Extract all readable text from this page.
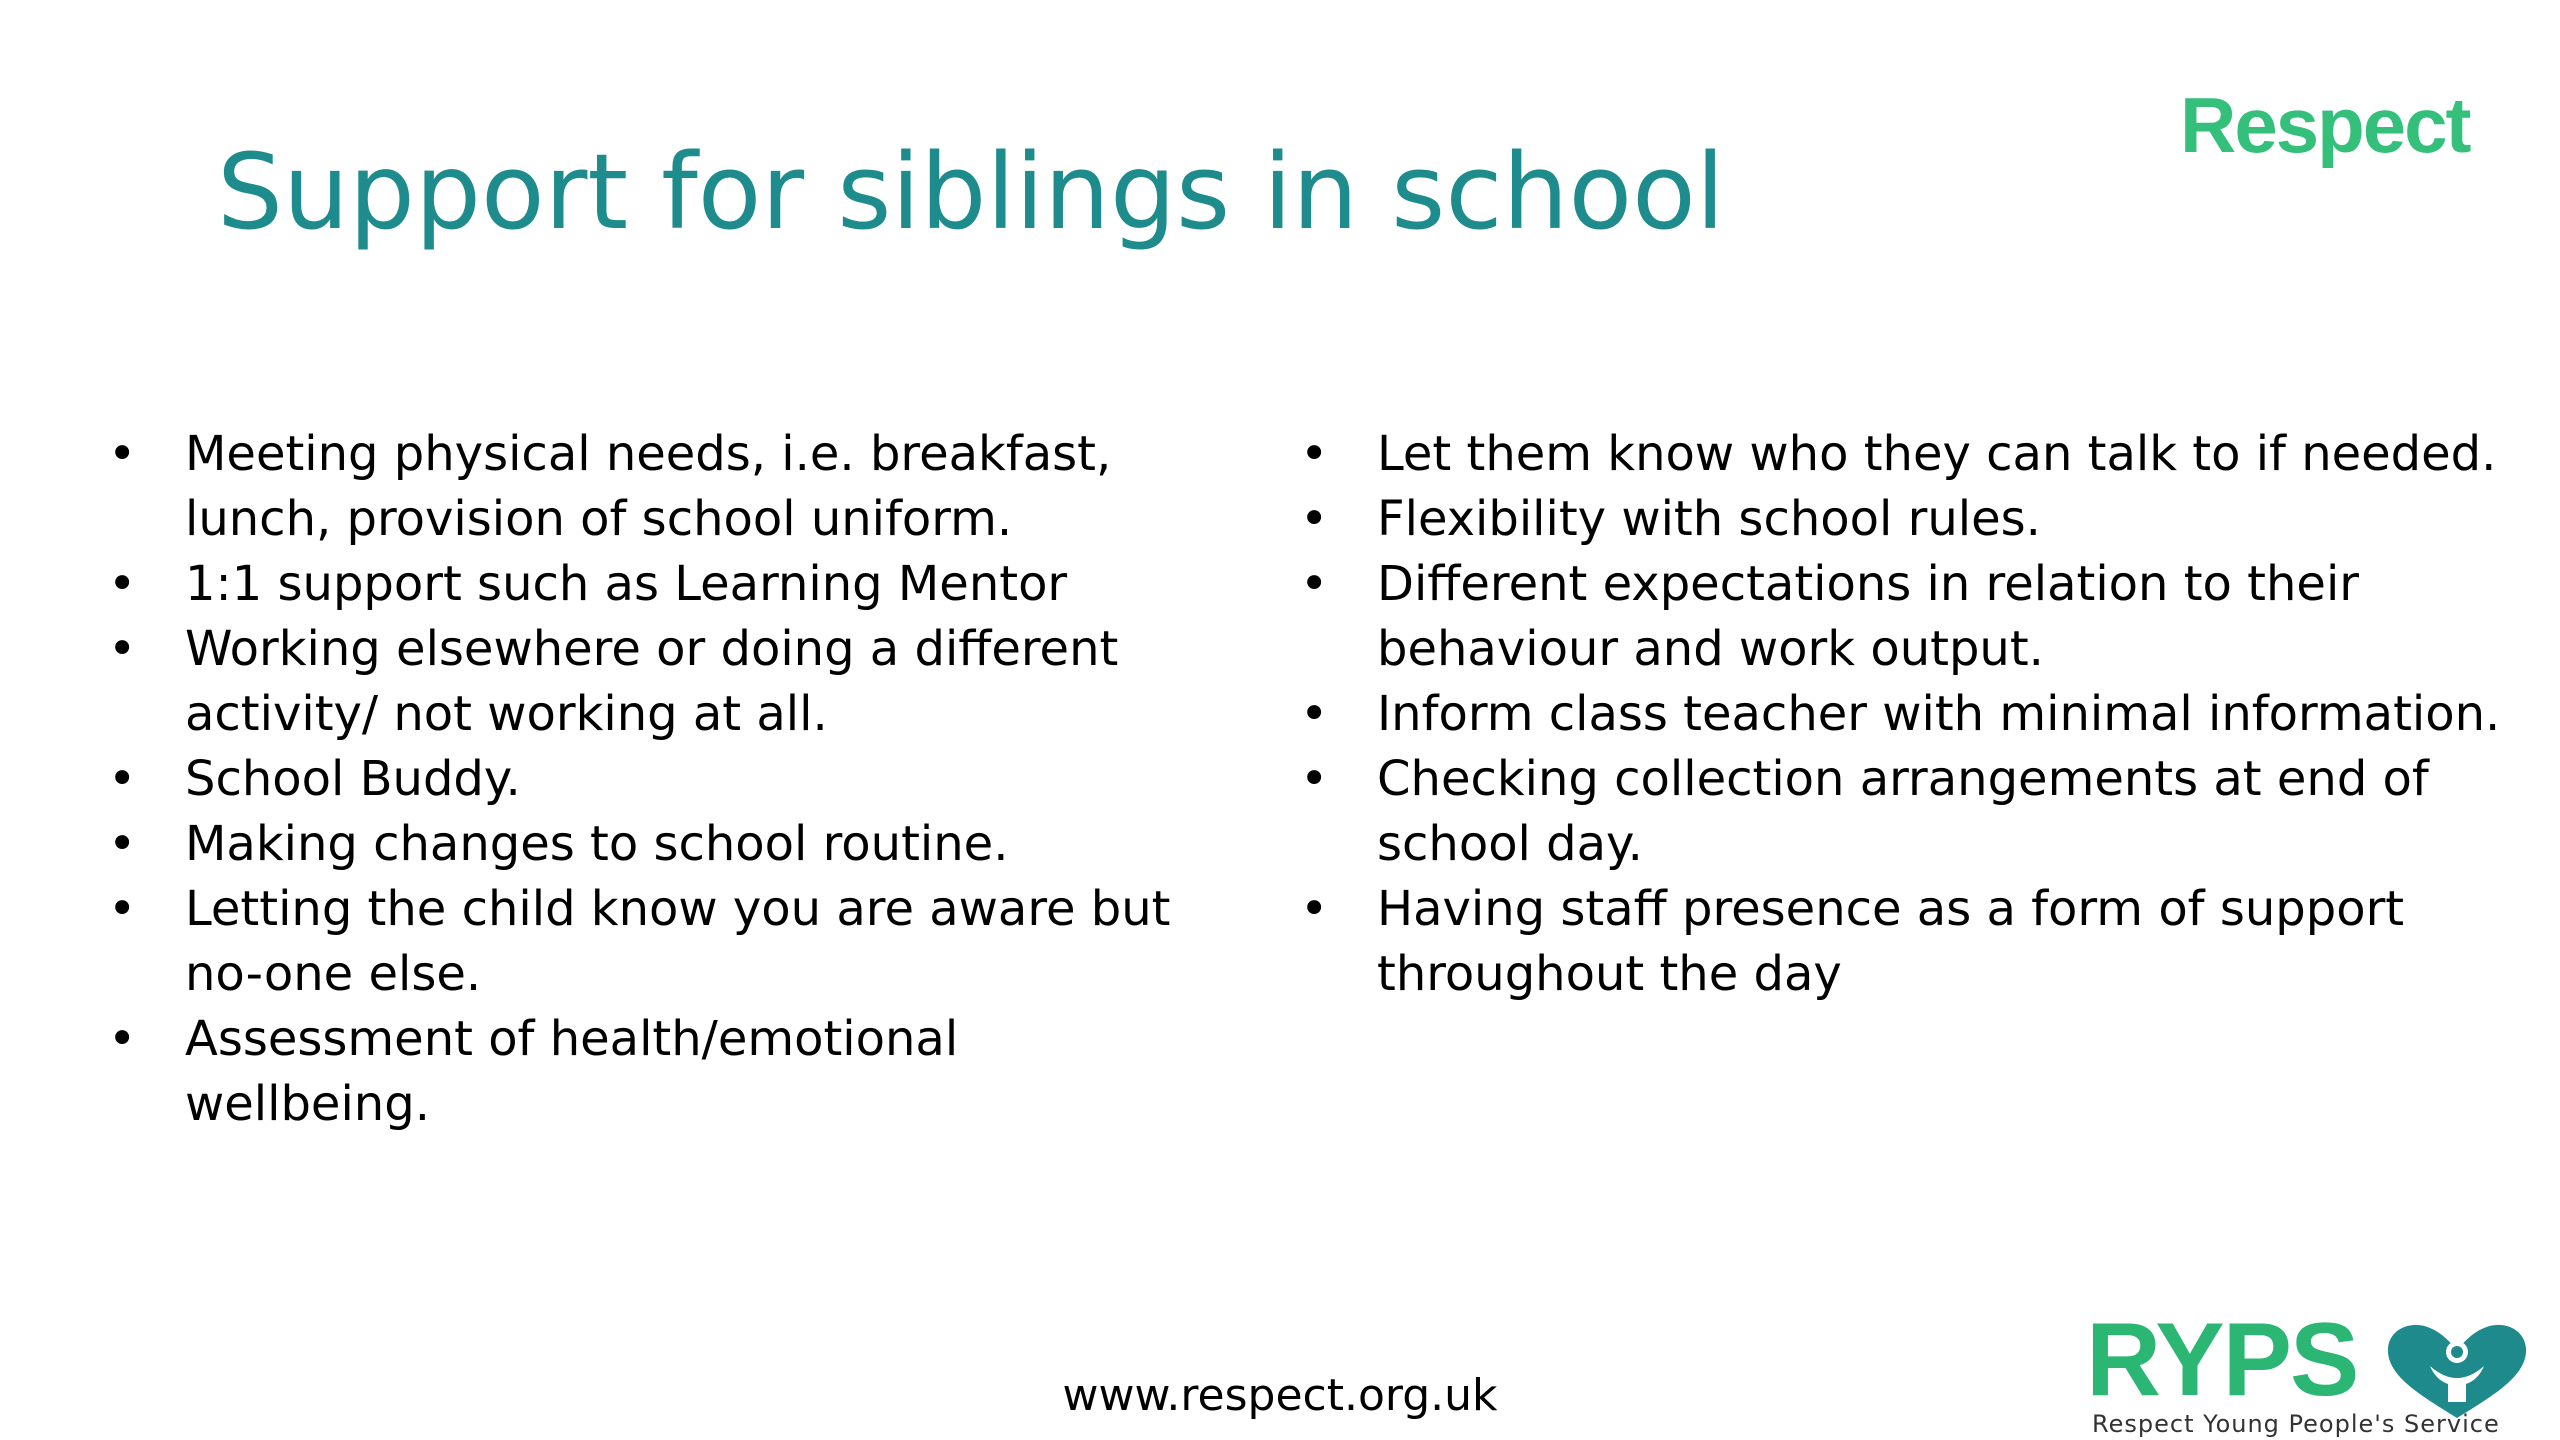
Support for siblings in school
Respect
• Meeting physical needs, i.e. breakfast, lunch, provision of school uniform.
• 1:1 support such as Learning Mentor
• Working elsewhere or doing a different activity/ not working at all.
• School Buddy.
• Making changes to school routine.
• Letting the child know you are aware but no-one else.
• Assessment of health/emotional wellbeing.
• Let them know who they can talk to if needed.
• Flexibility with school rules.
• Different expectations in relation to their behaviour and work output.
• Inform class teacher with minimal information.
• Checking collection arrangements at end of school day.
• Having staff presence as a form of support throughout the day
www.respect.org.uk	RYPS
Respect Young People's Service
